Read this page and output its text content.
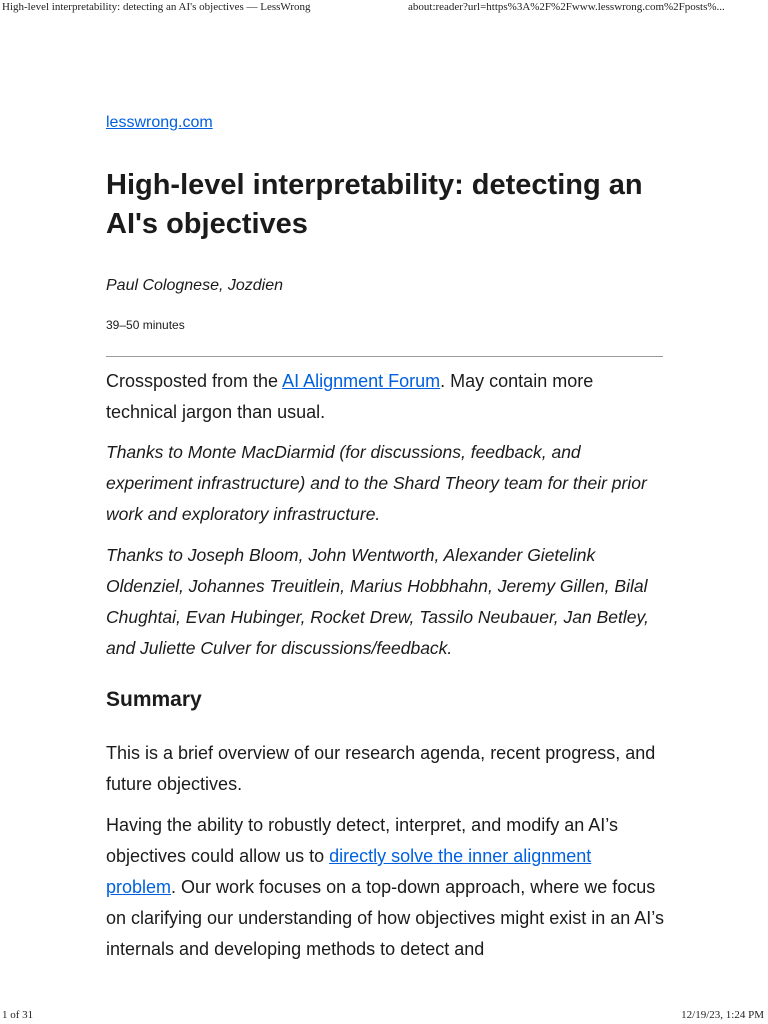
High-level interpretability: detecting an AI's objectives — LessWrong	about:reader?url=https%3A%2F%2Fwww.lesswrong.com%2Fposts%...
lesswrong.com
High-level interpretability: detecting an AI's objectives
Paul Colognese, Jozdien
39–50 minutes

Crossposted from the AI Alignment Forum. May contain more technical jargon than usual.

Thanks to Monte MacDiarmid (for discussions, feedback, and experiment infrastructure) and to the Shard Theory team for their prior work and exploratory infrastructure.

Thanks to Joseph Bloom, John Wentworth, Alexander Gietelink Oldenziel, Johannes Treuitlein, Marius Hobbhahn, Jeremy Gillen, Bilal Chughtai, Evan Hubinger, Rocket Drew, Tassilo Neubauer, Jan Betley, and Juliette Culver for discussions/feedback.

Summary

This is a brief overview of our research agenda, recent progress, and future objectives.

Having the ability to robustly detect, interpret, and modify an AI’s objectives could allow us to directly solve the inner alignment problem. Our work focuses on a top-down approach, where we focus on clarifying our understanding of how objectives might exist in an AI’s internals and developing methods to detect and

1 of 31	12/19/23, 1:24 PM
